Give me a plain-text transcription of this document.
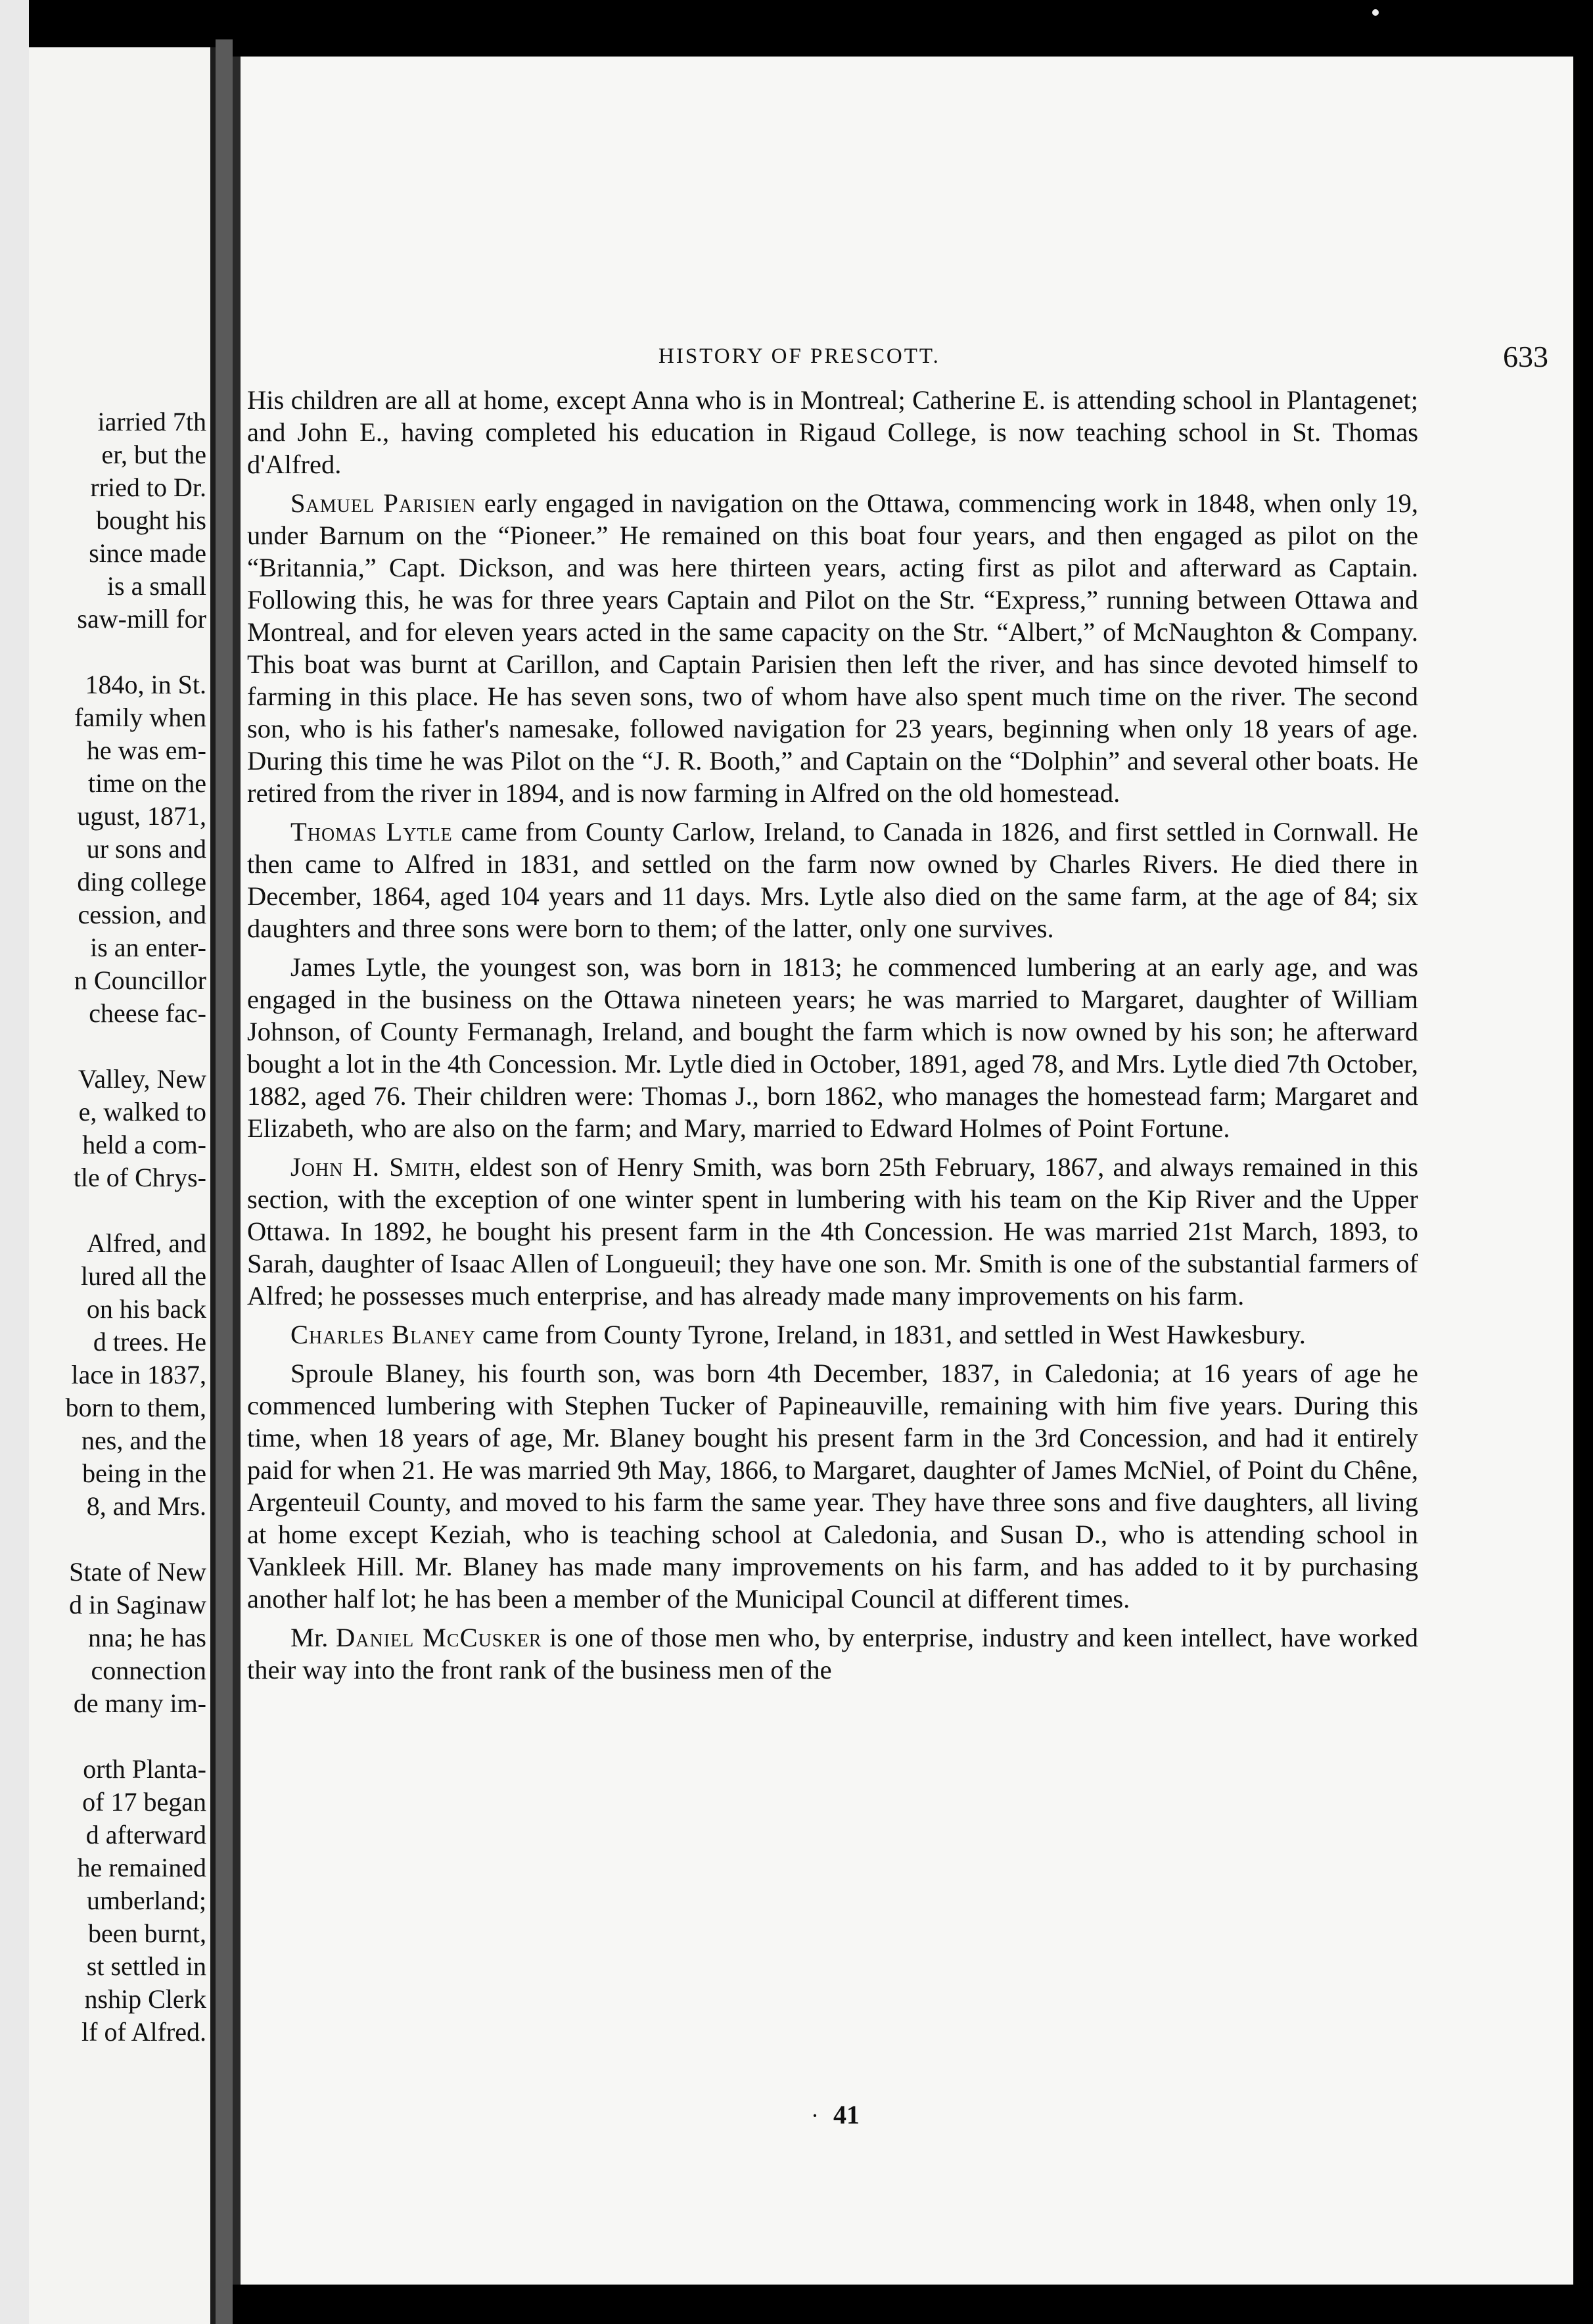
iarried 7th
er, but the
rried to Dr.
bought his
since made
is a small
saw-mill for
184o, in St.
family when
he was em-
time on the
ugust, 1871,
ur sons and
ding college
cession, and
is an enter-
n Councillor
cheese fac-
Valley, New
e, walked to
held a com-
tle of Chrys-
Alfred, and
lured all the
on his back
d trees. He
lace in 1837,
born to them,
nes, and the
being in the
8, and Mrs.
State of New
d in Saginaw
nna; he has
connection
de many im-
orth Planta-
of 17 began
d afterward
he remained
umberland;
been burnt,
st settled in
nship Clerk
lf of Alfred.
HISTORY OF PRESCOTT.	633

His children are all at home, except Anna who is in Montreal; Catherine E. is attending school in Plantagenet; and John E., having completed his education in Rigaud College, is now teaching school in St. Thomas d'Alfred.

Samuel Parisien early engaged in navigation on the Ottawa, commencing work in 1848, when only 19, under Barnum on the “Pioneer.” He remained on this boat four years, and then engaged as pilot on the “Britannia,” Capt. Dickson, and was here thirteen years, acting first as pilot and afterward as Captain. Following this, he was for three years Captain and Pilot on the Str. “Express,” running between Ottawa and Montreal, and for eleven years acted in the same capacity on the Str. “Albert,” of McNaughton & Company. This boat was burnt at Carillon, and Captain Parisien then left the river, and has since devoted himself to farming in this place. He has seven sons, two of whom have also spent much time on the river. The second son, who is his father's namesake, followed navigation for 23 years, beginning when only 18 years of age. During this time he was Pilot on the “J. R. Booth,” and Captain on the “Dolphin” and several other boats. He retired from the river in 1894, and is now farming in Alfred on the old homestead.

Thomas Lytle came from County Carlow, Ireland, to Canada in 1826, and first settled in Cornwall. He then came to Alfred in 1831, and settled on the farm now owned by Charles Rivers. He died there in December, 1864, aged 104 years and 11 days. Mrs. Lytle also died on the same farm, at the age of 84; six daughters and three sons were born to them; of the latter, only one survives.

James Lytle, the youngest son, was born in 1813; he commenced lumbering at an early age, and was engaged in the business on the Ottawa nineteen years; he was married to Margaret, daughter of William Johnson, of County Fermanagh, Ireland, and bought the farm which is now owned by his son; he afterward bought a lot in the 4th Concession. Mr. Lytle died in October, 1891, aged 78, and Mrs. Lytle died 7th October, 1882, aged 76. Their children were: Thomas J., born 1862, who manages the homestead farm; Margaret and Elizabeth, who are also on the farm; and Mary, married to Edward Holmes of Point Fortune.

John H. Smith, eldest son of Henry Smith, was born 25th February, 1867, and always remained in this section, with the exception of one winter spent in lumbering with his team on the Kip River and the Upper Ottawa. In 1892, he bought his present farm in the 4th Concession. He was married 21st March, 1893, to Sarah, daughter of Isaac Allen of Longueuil; they have one son. Mr. Smith is one of the substantial farmers of Alfred; he possesses much enterprise, and has already made many improvements on his farm.

Charles Blaney came from County Tyrone, Ireland, in 1831, and settled in West Hawkesbury.

Sproule Blaney, his fourth son, was born 4th December, 1837, in Caledonia; at 16 years of age he commenced lumbering with Stephen Tucker of Papineauville, remaining with him five years. During this time, when 18 years of age, Mr. Blaney bought his present farm in the 3rd Concession, and had it entirely paid for when 21. He was married 9th May, 1866, to Margaret, daughter of James McNiel, of Point du Chêne, Argenteuil County, and moved to his farm the same year. They have three sons and five daughters, all living at home except Keziah, who is teaching school at Caledonia, and Susan D., who is attending school in Vankleek Hill. Mr. Blaney has made many improvements on his farm, and has added to it by purchasing another half lot; he has been a member of the Municipal Council at different times.

Mr. Daniel McCusker is one of those men who, by enterprise, industry and keen intellect, have worked their way into the front rank of the business men of the

· 41
